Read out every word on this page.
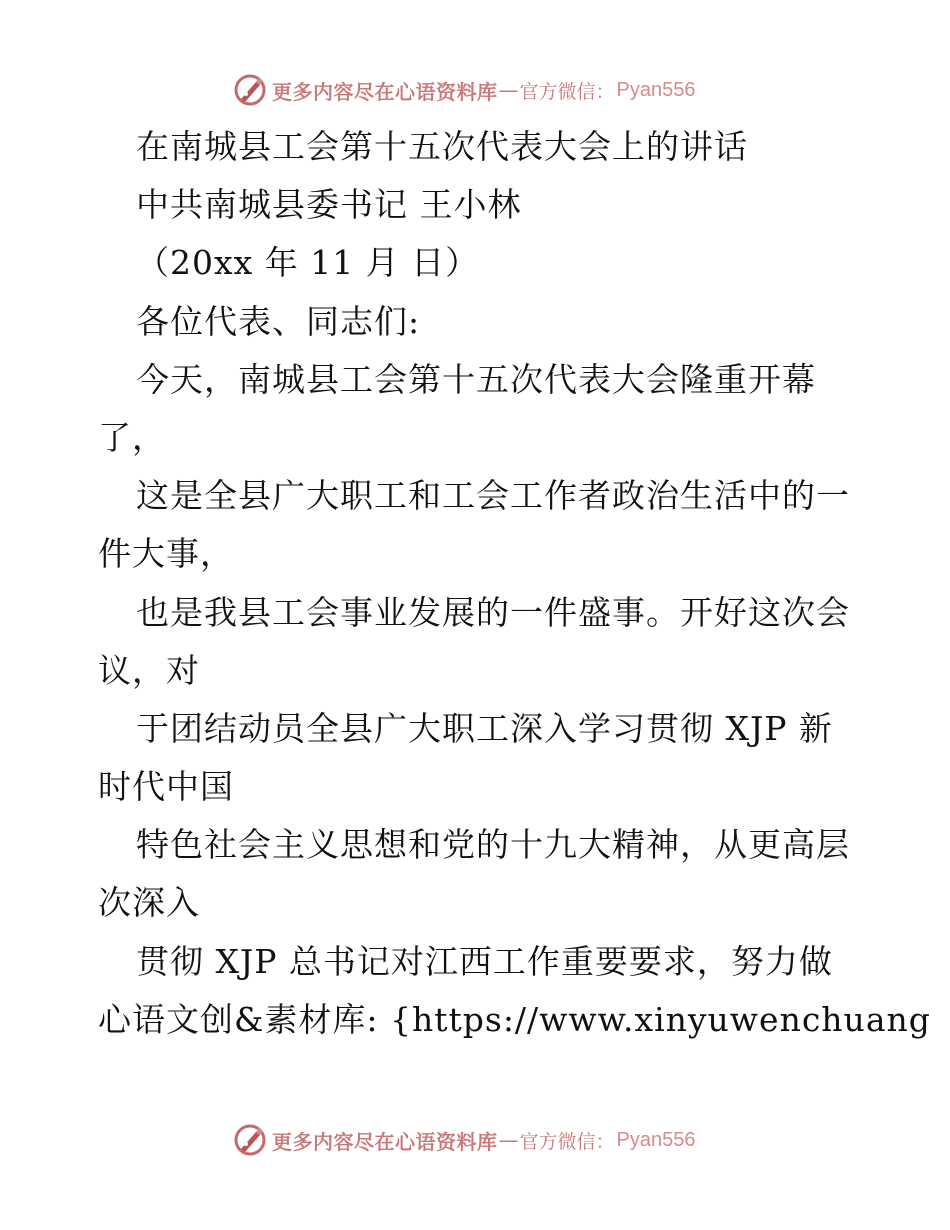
更多内容尽在心语资料库 — 官方微信： Pyan556
在南城县工会第十五次代表大会上的讲话
中共南城县委书记 王小林
（20xx 年 11 月 日）
各位代表、同志们:
今天，南城县工会第十五次代表大会隆重开幕
了，
这是全县广大职工和工会工作者政治生活中的一
件大事，
也是我县工会事业发展的一件盛事。开好这次会
议，对
于团结动员全县广大职工深入学习贯彻 XJP 新
时代中国
特色社会主义思想和党的十九大精神，从更高层
次深入
贯彻 XJP 总书记对江西工作重要要求，努力做
心语文创&素材库: {https://www.xinyuwenchuang
更多内容尽在心语资料库 — 官方微信： Pyan556
